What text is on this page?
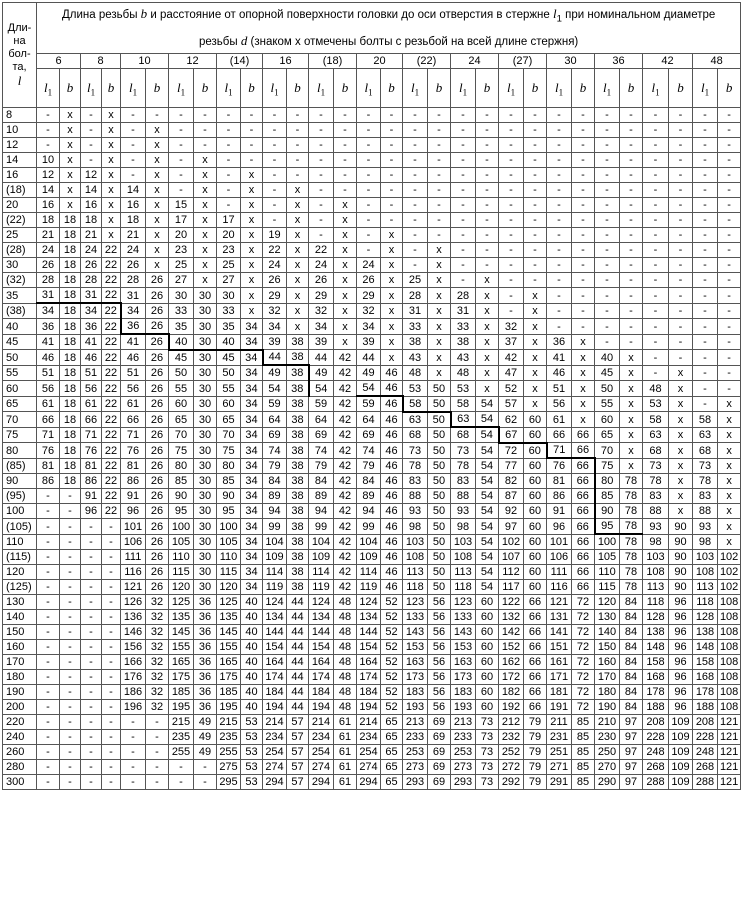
Дли-
на
бол-
та,
l	Длина резьбы b и расстояние от опорной поверхности головки до оси отверстия в стержне $l_1$ при номинальном диаметре резьбы d (знаком x отмечены болты с резьбой на всей длине стержня)																													
	6		8		10		12		(14)		16		(18)		20		(22)		24		(27)		30		36		42		48	
	$l_1$	b	$l_1$	b	$l_1$	b	$l_1$	b	$l_1$	b	$l_1$	b	$l_1$	b	$l_1$	b	$l_1$	b	$l_1$	b	$l_1$	b	$l_1$	b	$l_1$	b	$l_1$	b	$l_1$	b
8	-	x	-	x	-	-	-	-	-	-	-	-	-	-	-	-	-	-	-	-	-	-	-	-	-	-	-	-	-	-
10	-	x	-	x	-	x	-	-	-	-	-	-	-	-	-	-	-	-	-	-	-	-	-	-	-	-	-	-	-	-
12	-	x	-	x	-	x	-	-	-	-	-	-	-	-	-	-	-	-	-	-	-	-	-	-	-	-	-	-	-	-
14	10	x	-	x	-	x	-	x	-	-	-	-	-	-	-	-	-	-	-	-	-	-	-	-	-	-	-	-	-	-
16	12	x	12	x	-	x	-	x	-	x	-	-	-	-	-	-	-	-	-	-	-	-	-	-	-	-	-	-	-	-
(18)	14	x	14	x	14	x	-	x	-	x	-	x	-	-	-	-	-	-	-	-	-	-	-	-	-	-	-	-	-	-
20	16	x	16	x	16	x	15	x	-	x	-	x	-	x	-	-	-	-	-	-	-	-	-	-	-	-	-	-	-	-
(22)	18	18	18	x	18	x	17	x	17	x	-	x	-	x	-	-	-	-	-	-	-	-	-	-	-	-	-	-	-	-
25	21	18	21	x	21	x	20	x	20	x	19	x	-	x	-	x	-	-	-	-	-	-	-	-	-	-	-	-	-	-
(28)	24	18	24	22	24	x	23	x	23	x	22	x	22	x	-	x	-	x	-	-	-	-	-	-	-	-	-	-	-	-
30	26	18	26	22	26	x	25	x	25	x	24	x	24	x	24	x	-	x	-	-	-	-	-	-	-	-	-	-	-	-
(32)	28	18	28	22	28	26	27	x	27	x	26	x	26	x	26	x	25	x	-	x	-	-	-	-	-	-	-	-	-	-
35	31	18	31	22	31	26	30	30	30	x	29	x	29	x	29	x	28	x	28	x	-	x	-	-	-	-	-	-	-	-
(38)	34	18	34	22	34	26	33	30	33	x	32	x	32	x	32	x	31	x	31	x	-	x	-	-	-	-	-	-	-	-
40	36	18	36	22	36	26	35	30	35	34	34	x	34	x	34	x	33	x	33	x	32	x	-	-	-	-	-	-	-	-
45	41	18	41	22	41	26	40	30	40	34	39	38	39	x	39	x	38	x	38	x	37	x	36	x	-	-	-	-	-	-
50	46	18	46	22	46	26	45	30	45	34	44	38	44	42	44	x	43	x	43	x	42	x	41	x	40	x	-	-	-	-
55	51	18	51	22	51	26	50	30	50	34	49	38	49	42	49	46	48	x	48	x	47	x	46	x	45	x	-	x	-	-
60	56	18	56	22	56	26	55	30	55	34	54	38	54	42	54	46	53	50	53	x	52	x	51	x	50	x	48	x	-	-
65	61	18	61	22	61	26	60	30	60	34	59	38	59	42	59	46	58	50	58	54	57	x	56	x	55	x	53	x	-	x
70	66	18	66	22	66	26	65	30	65	34	64	38	64	42	64	46	63	50	63	54	62	60	61	x	60	x	58	x	58	x
75	71	18	71	22	71	26	70	30	70	34	69	38	69	42	69	46	68	50	68	54	67	60	66	66	65	x	63	x	63	x
80	76	18	76	22	76	26	75	30	75	34	74	38	74	42	74	46	73	50	73	54	72	60	71	66	70	x	68	x	68	x
(85)	81	18	81	22	81	26	80	30	80	34	79	38	79	42	79	46	78	50	78	54	77	60	76	66	75	x	73	x	73	x
90	86	18	86	22	86	26	85	30	85	34	84	38	84	42	84	46	83	50	83	54	82	60	81	66	80	78	78	x	78	x
(95)	-	-	91	22	91	26	90	30	90	34	89	38	89	42	89	46	88	50	88	54	87	60	86	66	85	78	83	x	83	x
100	-	-	96	22	96	26	95	30	95	34	94	38	94	42	94	46	93	50	93	54	92	60	91	66	90	78	88	x	88	x
(105)	-	-	-	-	101	26	100	30	100	34	99	38	99	42	99	46	98	50	98	54	97	60	96	66	95	78	93	90	93	x
110	-	-	-	-	106	26	105	30	105	34	104	38	104	42	104	46	103	50	103	54	102	60	101	66	100	78	98	90	98	x
(115)	-	-	-	-	111	26	110	30	110	34	109	38	109	42	109	46	108	50	108	54	107	60	106	66	105	78	103	90	103	102
120	-	-	-	-	116	26	115	30	115	34	114	38	114	42	114	46	113	50	113	54	112	60	111	66	110	78	108	90	108	102
(125)	-	-	-	-	121	26	120	30	120	34	119	38	119	42	119	46	118	50	118	54	117	60	116	66	115	78	113	90	113	102
130	-	-	-	-	126	32	125	36	125	40	124	44	124	48	124	52	123	56	123	60	122	66	121	72	120	84	118	96	118	108
140	-	-	-	-	136	32	135	36	135	40	134	44	134	48	134	52	133	56	133	60	132	66	131	72	130	84	128	96	128	108
150	-	-	-	-	146	32	145	36	145	40	144	44	144	48	144	52	143	56	143	60	142	66	141	72	140	84	138	96	138	108
160	-	-	-	-	156	32	155	36	155	40	154	44	154	48	154	52	153	56	153	60	152	66	151	72	150	84	148	96	148	108
170	-	-	-	-	166	32	165	36	165	40	164	44	164	48	164	52	163	56	163	60	162	66	161	72	160	84	158	96	158	108
180	-	-	-	-	176	32	175	36	175	40	174	44	174	48	174	52	173	56	173	60	172	66	171	72	170	84	168	96	168	108
190	-	-	-	-	186	32	185	36	185	40	184	44	184	48	184	52	183	56	183	60	182	66	181	72	180	84	178	96	178	108
200	-	-	-	-	196	32	195	36	195	40	194	44	194	48	194	52	193	56	193	60	192	66	191	72	190	84	188	96	188	108
220	-	-	-	-	-	-	215	49	215	53	214	57	214	61	214	65	213	69	213	73	212	79	211	85	210	97	208	109	208	121
240	-	-	-	-	-	-	235	49	235	53	234	57	234	61	234	65	233	69	233	73	232	79	231	85	230	97	228	109	228	121
260	-	-	-	-	-	-	255	49	255	53	254	57	254	61	254	65	253	69	253	73	252	79	251	85	250	97	248	109	248	121
280	-	-	-	-	-	-	-	-	275	53	274	57	274	61	274	65	273	69	273	73	272	79	271	85	270	97	268	109	268	121
300	-	-	-	-	-	-	-	-	295	53	294	57	294	61	294	65	293	69	293	73	292	79	291	85	290	97	288	109	288	121
